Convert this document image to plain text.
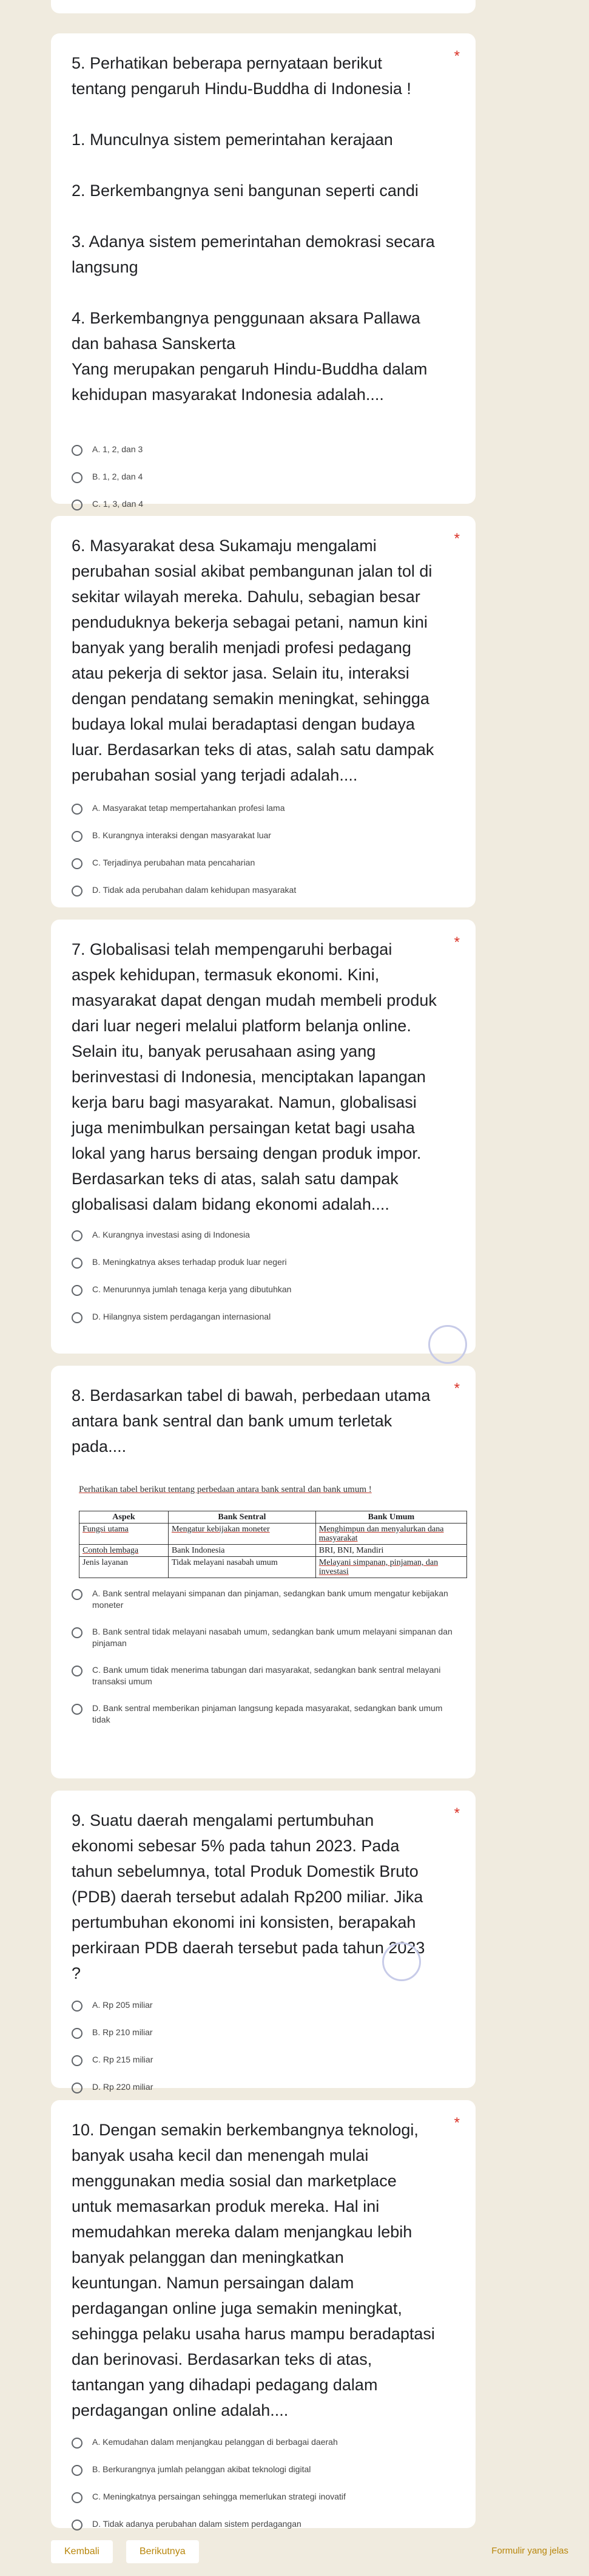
*

5. Perhatikan beberapa pernyataan berikut tentang pengaruh Hindu-Buddha di Indonesia !

1. Munculnya sistem pemerintahan kerajaan

2. Berkembangnya seni bangunan seperti candi

3. Adanya sistem pemerintahan demokrasi secara langsung

4. Berkembangnya penggunaan aksara Pallawa dan bahasa Sanskerta
Yang merupakan pengaruh Hindu-Buddha dalam kehidupan masyarakat Indonesia adalah....

A. 1, 2, dan 3
B. 1, 2, dan 4
C. 1, 3, dan 4
*

6. Masyarakat desa Sukamaju mengalami perubahan sosial akibat pembangunan jalan tol di sekitar wilayah mereka. Dahulu, sebagian besar penduduknya bekerja sebagai petani, namun kini banyak yang beralih menjadi profesi pedagang atau pekerja di sektor jasa. Selain itu, interaksi dengan pendatang semakin meningkat, sehingga budaya lokal mulai beradaptasi dengan budaya luar. Berdasarkan teks di atas, salah satu dampak perubahan sosial yang terjadi adalah....

A. Masyarakat tetap mempertahankan profesi lama
B. Kurangnya interaksi dengan masyarakat luar
C. Terjadinya perubahan mata pencaharian
D. Tidak ada perubahan dalam kehidupan masyarakat
*

7. Globalisasi telah mempengaruhi berbagai aspek kehidupan, termasuk ekonomi. Kini, masyarakat dapat dengan mudah membeli produk dari luar negeri melalui platform belanja online. Selain itu, banyak perusahaan asing yang berinvestasi di Indonesia, menciptakan lapangan kerja baru bagi masyarakat. Namun, globalisasi juga menimbulkan persaingan ketat bagi usaha lokal yang harus bersaing dengan produk impor.
Berdasarkan teks di atas, salah satu dampak globalisasi dalam bidang ekonomi adalah....

A. Kurangnya investasi asing di Indonesia
B. Meningkatnya akses terhadap produk luar negeri
C. Menurunnya jumlah tenaga kerja yang dibutuhkan
D. Hilangnya sistem perdagangan internasional
*

8. Berdasarkan tabel di bawah, perbedaan utama antara bank sentral dan bank umum terletak pada....

Perhatikan tabel berikut tentang perbedaan antara bank sentral dan bank umum !
Aspek	Bank Sentral	Bank Umum
Fungsi utama	Mengatur kebijakan moneter	Menghimpun dan menyalurkan dana masyarakat
Contoh lembaga	Bank Indonesia	BRI, BNI, Mandiri
Jenis layanan	Tidak melayani nasabah umum	Melayani simpanan, pinjaman, dan investasi
A. Bank sentral melayani simpanan dan pinjaman, sedangkan bank umum mengatur kebijakan moneter
B. Bank sentral tidak melayani nasabah umum, sedangkan bank umum melayani simpanan dan pinjaman
C. Bank umum tidak menerima tabungan dari masyarakat, sedangkan bank sentral melayani transaksi umum
D. Bank sentral memberikan pinjaman langsung kepada masyarakat, sedangkan bank umum tidak
*

9. Suatu daerah mengalami pertumbuhan ekonomi sebesar 5% pada tahun 2023. Pada tahun sebelumnya, total Produk Domestik Bruto (PDB) daerah tersebut adalah Rp200 miliar. Jika pertumbuhan ekonomi ini konsisten, berapakah perkiraan PDB daerah tersebut pada tahun 2023 ?

A. Rp 205 miliar
B. Rp 210 miliar
C. Rp 215 miliar
D. Rp 220 miliar
*

10. Dengan semakin berkembangnya teknologi, banyak usaha kecil dan menengah mulai menggunakan media sosial dan marketplace untuk memasarkan produk mereka. Hal ini memudahkan mereka dalam menjangkau lebih banyak pelanggan dan meningkatkan keuntungan. Namun persaingan dalam perdagangan online juga semakin meningkat, sehingga pelaku usaha harus mampu beradaptasi dan berinovasi. Berdasarkan teks di atas, tantangan yang dihadapi pedagang dalam perdagangan online adalah....

A. Kemudahan dalam menjangkau pelanggan di berbagai daerah
B. Berkurangnya jumlah pelanggan akibat teknologi digital
C. Meningkatnya persaingan sehingga memerlukan strategi inovatif
D. Tidak adanya perubahan dalam sistem perdagangan
Kembali	Berikutnya	Formulir yang jelas
